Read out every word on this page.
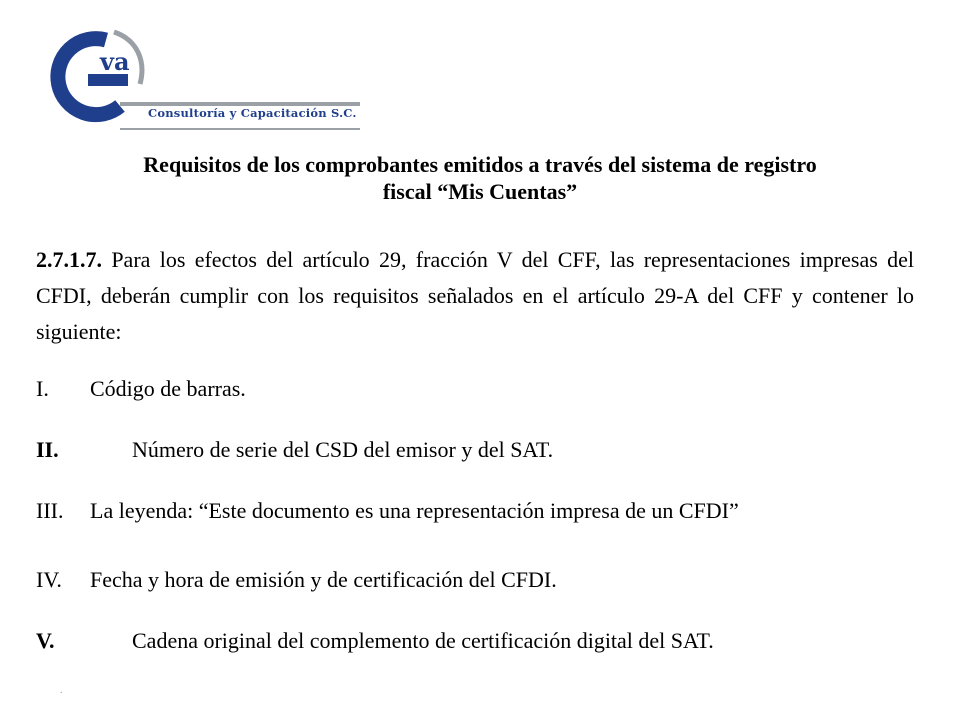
va
Consultoría y Capacitación S.C.
Requisitos de los comprobantes emitidos a través del sistema de registro
fiscal “Mis Cuentas”
2.7.1.7. Para los efectos del artículo 29, fracción V del CFF, las representaciones impresas del CFDI, deberán cumplir con los requisitos señalados en el artículo 29-A del CFF y contener lo siguiente:
I. Código de barras.
II.	Número de serie del CSD del emisor y del SAT.
III. La leyenda: “Este documento es una representación impresa de un CFDI”
IV. Fecha y hora de emisión y de certificación del CFDI.
V.	Cadena original del complemento de certificación digital del SAT.
.
